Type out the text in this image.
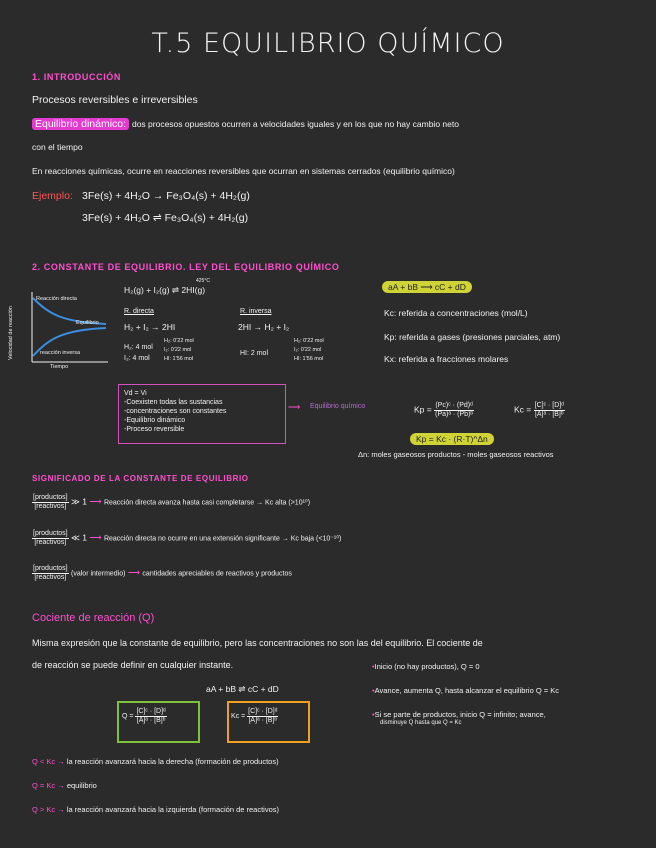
T.5 EQUILIBRIO QUÍMICO
1. INTRODUCCIÓN
Procesos reversibles e irreversibles
Equilibrio dinámico: dos procesos opuestos ocurren a velocidades iguales y en los que no hay cambio neto
con el tiempo
En reacciones químicas, ocurre en reacciones reversibles que ocurran en sistemas cerrados (equilibrio químico)
Ejemplo: 3Fe(s) + 4H₂O → Fe₃O₄(s) + 4H₂(g)
3Fe(s) + 4H₂O ⇌ Fe₃O₄(s) + 4H₂(g)
2. CONSTANTE DE EQUILIBRIO. LEY DEL EQUILIBRIO QUÍMICO
Velocidad de reacción
Reacción directa
Equilibrio
reacción inversa
Tiempo
425°C
H₂(g) + I₂(g) ⇌ 2HI(g)
R. directa
H₂ + I₂ → 2HI
H₂: 4 mol
I₂: 4 mol
H₂: 0'22 mol
I₂: 0'22 mol
HI: 1'56 mol
R. inversa
2HI → H₂ + I₂
HI: 2 mol
H₂: 0'22 mol
I₂: 0'22 mol
HI: 1'56 mol
aA + bB ⟶ cC + dD
Kc: referida a concentraciones (mol/L)
Kp: referida a gases (presiones parciales, atm)
Kx: referida a fracciones molares
Vd = Vi
-Coexisten todas las sustancias
-concentraciones son constantes
-Equilibrio dinámico
-Proceso reversible
⟶ Equilibrio químico	$Kp = \frac{\text{(Pc)ᶜ · (Pd)ᵈ}}{\text{(Pa)ᵃ · (Pb)ᵇ}}$	$Kc = \frac{\text{[C]ᶜ · [D]ᵈ}}{\text{[A]ᵃ · [B]ᵇ}}$
Kp = Kc · (R·T)^Δn
Δn: moles gaseosos productos - moles gaseosos reactivos
SIGNIFICADO DE LA CONSTANTE DE EQUILIBRIO
$\frac{\text{[productos]}}{\text{[reactivos]}}$ ≫ 1 ⟶ Reacción directa avanza hasta casi completarse → Kc alta (>10¹⁰)
$\frac{\text{[productos]}}{\text{[reactivos]}}$ ≪ 1 ⟶ Reacción directa no ocurre en una extensión significante → Kc baja (<10⁻¹⁰)
$\frac{\text{[productos]}}{\text{[reactivos]}}$ (valor intermedio) ⟶ cantidades apreciables de reactivos y productos
Cociente de reacción (Q)
Misma expresión que la constante de equilibrio, pero las concentraciones no son las del equilibrio. El cociente de
de reacción se puede definir en cualquier instante.
aA + bB ⇌ cC + dD
$Q = \frac{\text{[C]ᶜ · [D]ᵈ}}{\text{[A]ᵃ · [B]ᵇ}}$	$Kc = \frac{\text{[C]ᶜ · [D]ᵈ}}{\text{[A]ᵃ · [B]ᵇ}}$
•Inicio (no hay productos), Q = 0
•Avance, aumenta Q, hasta alcanzar el equilibrio Q = Kc
•Si se parte de productos, inicio Q = infinito; avance,
disminuye Q hasta que Q = Kc
Q < Kc → la reacción avanzará hacia la derecha (formación de productos)
Q = Kc → equilibrio
Q > Kc → la reacción avanzará hacia la izquierda (formación de reactivos)
